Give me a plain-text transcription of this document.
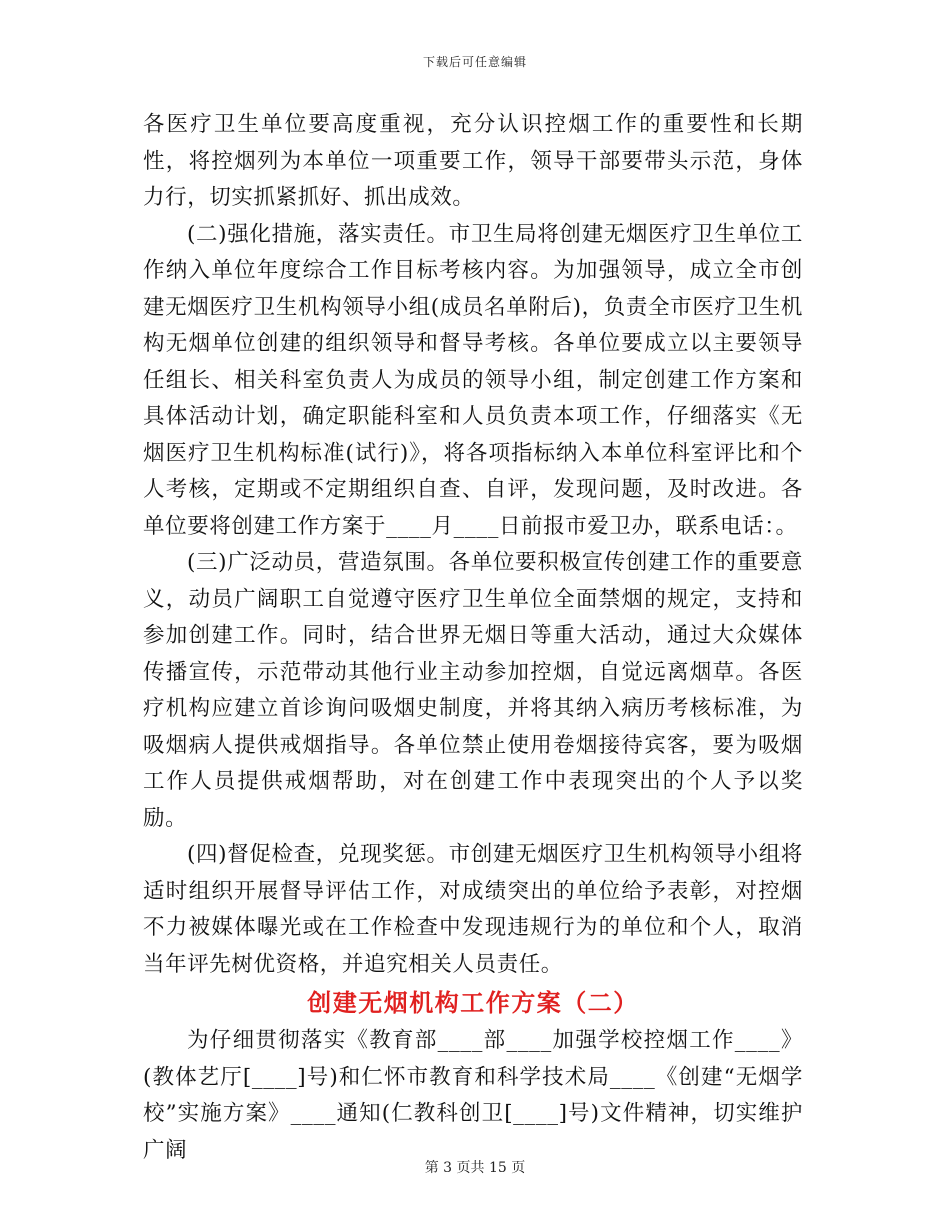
下载后可任意编辑

各医疗卫生单位要高度重视，充分认识控烟工作的重要性和长期性，将控烟列为本单位一项重要工作，领导干部要带头示范，身体力行，切实抓紧抓好、抓出成效。

(二)强化措施，落实责任。市卫生局将创建无烟医疗卫生单位工作纳入单位年度综合工作目标考核内容。为加强领导，成立全市创建无烟医疗卫生机构领导小组(成员名单附后)，负责全市医疗卫生机构无烟单位创建的组织领导和督导考核。各单位要成立以主要领导任组长、相关科室负责人为成员的领导小组，制定创建工作方案和具体活动计划，确定职能科室和人员负责本项工作，仔细落实《无烟医疗卫生机构标准(试行)》，将各项指标纳入本单位科室评比和个人考核，定期或不定期组织自查、自评，发现问题，及时改进。各单位要将创建工作方案于____月____日前报市爱卫办，联系电话：。

(三)广泛动员，营造氛围。各单位要积极宣传创建工作的重要意义，动员广阔职工自觉遵守医疗卫生单位全面禁烟的规定，支持和参加创建工作。同时，结合世界无烟日等重大活动，通过大众媒体传播宣传，示范带动其他行业主动参加控烟，自觉远离烟草。各医疗机构应建立首诊询问吸烟史制度，并将其纳入病历考核标准，为吸烟病人提供戒烟指导。各单位禁止使用卷烟接待宾客，要为吸烟工作人员提供戒烟帮助，对在创建工作中表现突出的个人予以奖励。

(四)督促检查，兑现奖惩。市创建无烟医疗卫生机构领导小组将适时组织开展督导评估工作，对成绩突出的单位给予表彰，对控烟不力被媒体曝光或在工作检查中发现违规行为的单位和个人，取消当年评先树优资格，并追究相关人员责任。

创建无烟机构工作方案（二）

为仔细贯彻落实《教育部____部____加强学校控烟工作____》(教体艺厅[____]号)和仁怀市教育和科学技术局____《创建“无烟学校”实施方案》____通知(仁教科创卫[____]号)文件精神，切实维护广阔

第 3 页共 15 页
